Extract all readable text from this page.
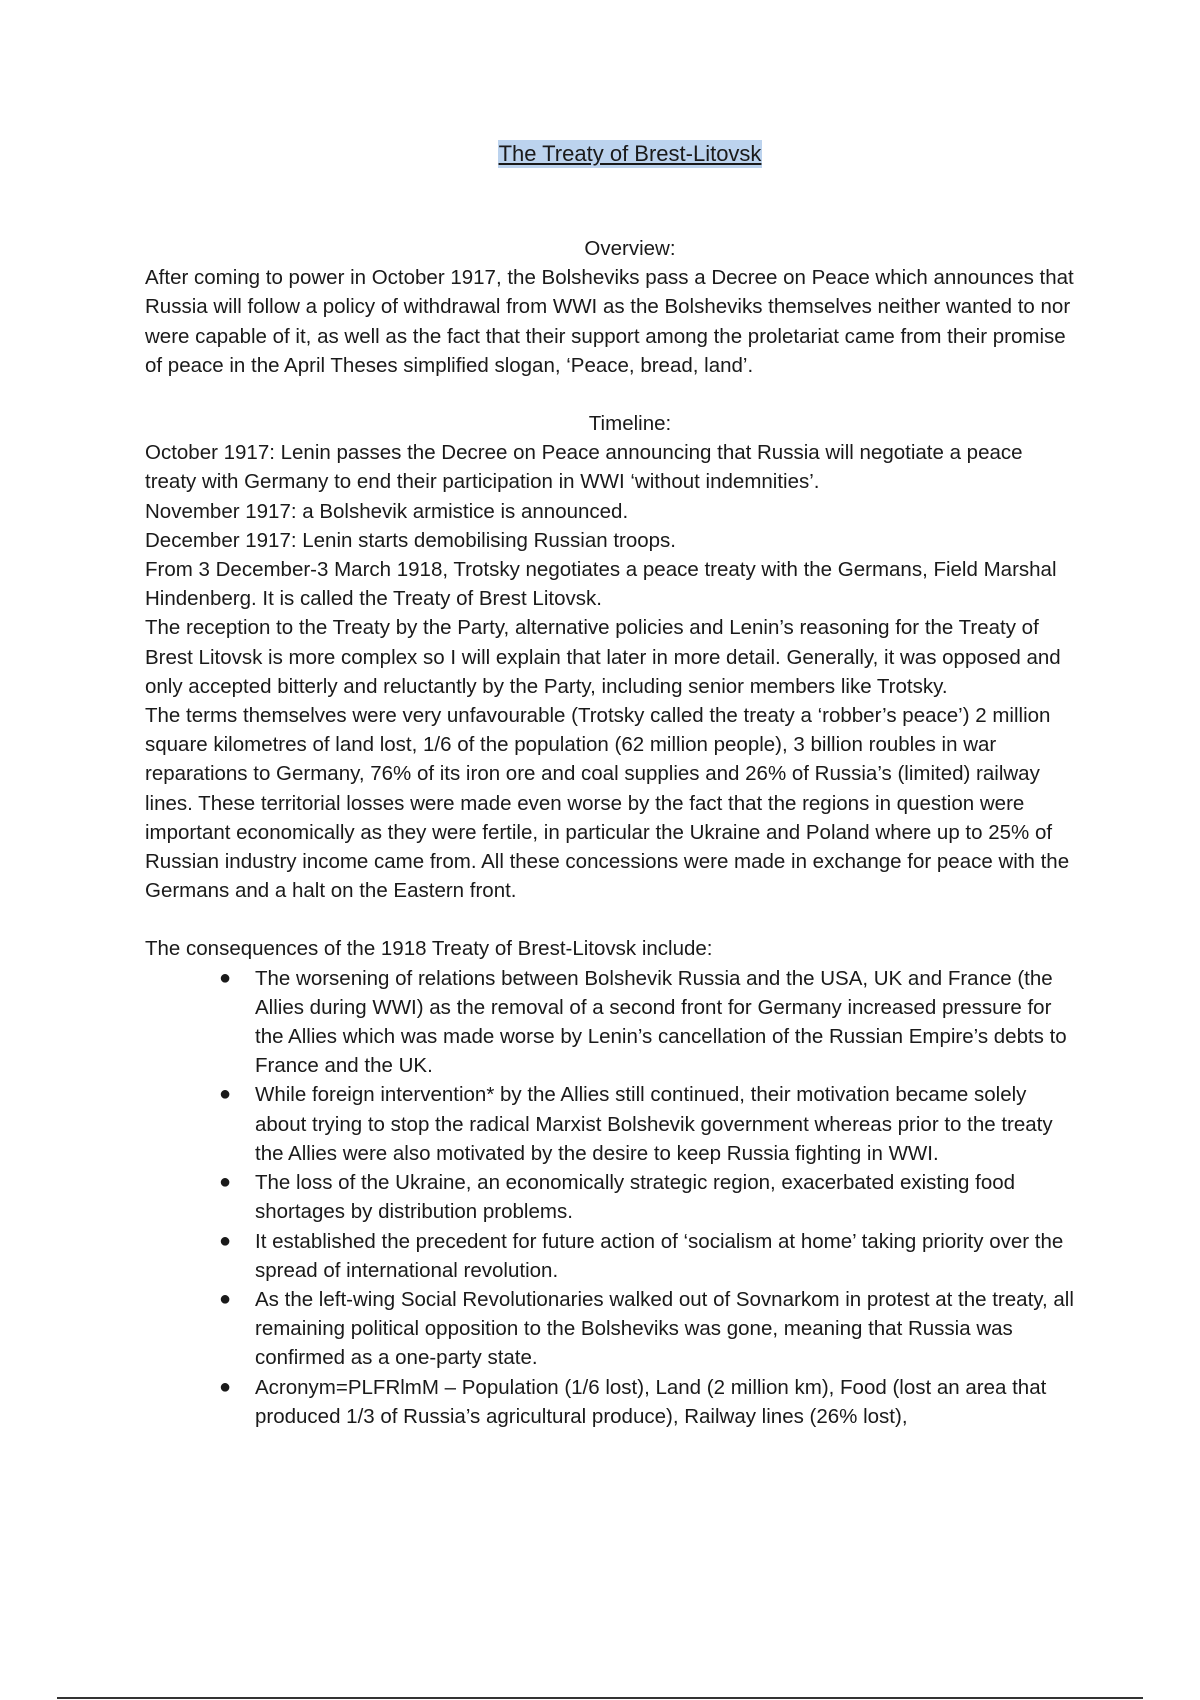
The Treaty of Brest-Litovsk
Overview:

After coming to power in October 1917, the Bolsheviks pass a Decree on Peace which announces that Russia will follow a policy of withdrawal from WWI as the Bolsheviks themselves neither wanted to nor were capable of it, as well as the fact that their support among the proletariat came from their promise of peace in the April Theses simplified slogan, ‘Peace, bread, land’.

Timeline:

October 1917: Lenin passes the Decree on Peace announcing that Russia will negotiate a peace treaty with Germany to end their participation in WWI ‘without indemnities’.

November 1917: a Bolshevik armistice is announced.

December 1917: Lenin starts demobilising Russian troops.

From 3 December-3 March 1918, Trotsky negotiates a peace treaty with the Germans, Field Marshal Hindenberg. It is called the Treaty of Brest Litovsk.

The reception to the Treaty by the Party, alternative policies and Lenin’s reasoning for the Treaty of Brest Litovsk is more complex so I will explain that later in more detail. Generally, it was opposed and only accepted bitterly and reluctantly by the Party, including senior members like Trotsky.

The terms themselves were very unfavourable (Trotsky called the treaty a ‘robber’s peace’) 2 million square kilometres of land lost, 1/6 of the population (62 million people), 3 billion roubles in war reparations to Germany, 76% of its iron ore and coal supplies and 26% of Russia’s (limited) railway lines. These territorial losses were made even worse by the fact that the regions in question were important economically as they were fertile, in particular the Ukraine and Poland where up to 25% of Russian industry income came from. All these concessions were made in exchange for peace with the Germans and a halt on the Eastern front.

The consequences of the 1918 Treaty of Brest-Litovsk include:

● The worsening of relations between Bolshevik Russia and the USA, UK and France (the Allies during WWI) as the removal of a second front for Germany increased pressure for the Allies which was made worse by Lenin’s cancellation of the Russian Empire’s debts to France and the UK.
● While foreign intervention* by the Allies still continued, their motivation became solely about trying to stop the radical Marxist Bolshevik government whereas prior to the treaty the Allies were also motivated by the desire to keep Russia fighting in WWI.
● The loss of the Ukraine, an economically strategic region, exacerbated existing food shortages by distribution problems.
● It established the precedent for future action of ‘socialism at home’ taking priority over the spread of international revolution.
● As the left-wing Social Revolutionaries walked out of Sovnarkom in protest at the treaty, all remaining political opposition to the Bolsheviks was gone, meaning that Russia was confirmed as a one-party state.
● Acronym=PLFRlmM – Population (1/6 lost), Land (2 million km), Food (lost an area that produced 1/3 of Russia’s agricultural produce), Railway lines (26% lost),
